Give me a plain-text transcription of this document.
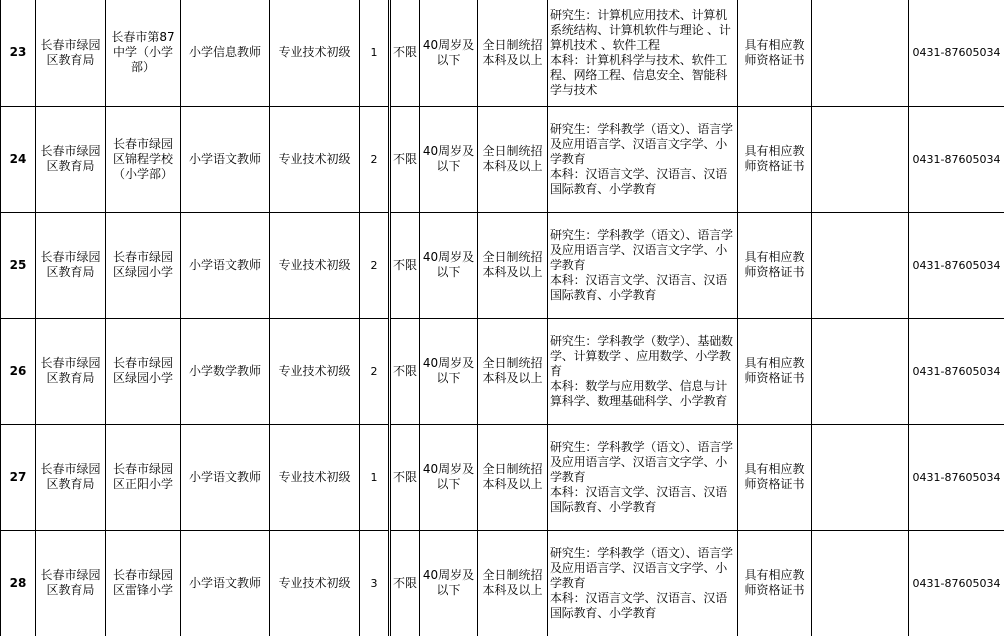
23	长春市绿园区教育局	长春市第87中学（小学部）	小学信息教师	专业技术初级	1	不限	40周岁及以下	全日制统招本科及以上	研究生：计算机应用技术、计算机系统结构、计算机软件与理论 、计算机技术 、软件工程
本科：计算机科学与技术、软件工程、网络工程、信息安全、智能科学与技术	具有相应教师资格证书		0431-87605034
24	长春市绿园区教育局	长春市绿园区锦程学校（小学部）	小学语文教师	专业技术初级	2	不限	40周岁及以下	全日制统招本科及以上	研究生：学科教学（语文）、语言学及应用语言学、汉语言文字学、小学教育
本科：汉语言文学、汉语言、汉语国际教育、小学教育	具有相应教师资格证书		0431-87605034
25	长春市绿园区教育局	长春市绿园区绿园小学	小学语文教师	专业技术初级	2	不限	40周岁及以下	全日制统招本科及以上	研究生：学科教学（语文）、语言学及应用语言学、汉语言文字学、小学教育
本科：汉语言文学、汉语言、汉语国际教育、小学教育	具有相应教师资格证书		0431-87605034
26	长春市绿园区教育局	长春市绿园区绿园小学	小学数学教师	专业技术初级	2	不限	40周岁及以下	全日制统招本科及以上	研究生：学科教学（数学）、基础数学、计算数学 、应用数学、小学教育
本科：数学与应用数学、信息与计算科学、数理基础科学、小学教育	具有相应教师资格证书		0431-87605034
27	长春市绿园区教育局	长春市绿园区正阳小学	小学语文教师	专业技术初级	1	不限	40周岁及以下	全日制统招本科及以上	研究生：学科教学（语文）、语言学及应用语言学、汉语言文字学、小学教育
本科：汉语言文学、汉语言、汉语国际教育、小学教育	具有相应教师资格证书		0431-87605034
28	长春市绿园区教育局	长春市绿园区雷锋小学	小学语文教师	专业技术初级	3	不限	40周岁及以下	全日制统招本科及以上	研究生：学科教学（语文）、语言学及应用语言学、汉语言文字学、小学教育
本科：汉语言文学、汉语言、汉语国际教育、小学教育	具有相应教师资格证书		0431-87605034
